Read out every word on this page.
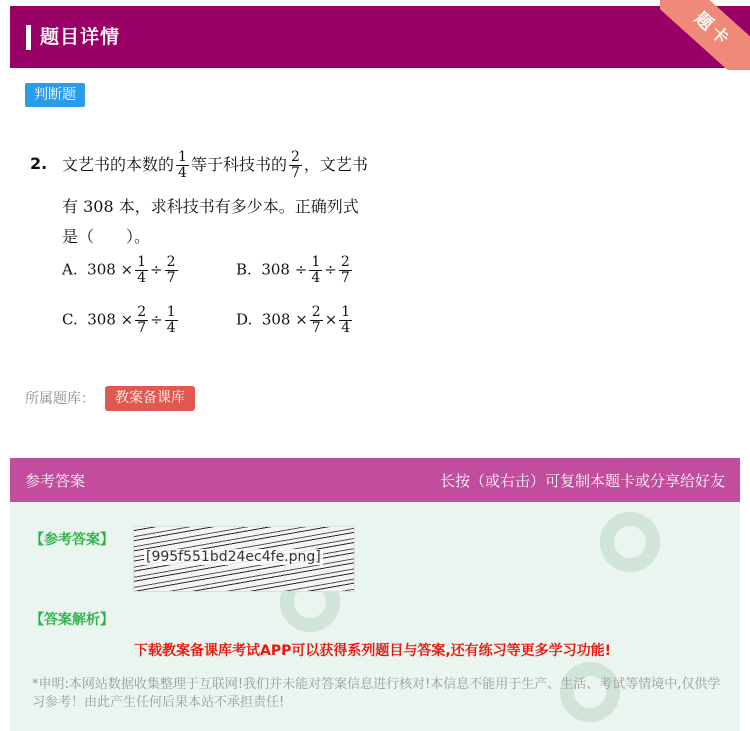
题目详情	题卡
判断题
2. 文艺书的本数的 $\frac{1}{4}$ 等于科技书的 $\frac{2}{7}$ ，文艺书
有 308 本，求科技书有多少本。正确列式
是（　　）。
A. $308 \times \frac{1}{4} \div \frac{2}{7}$	B. $308 \div \frac{1}{4} \div \frac{2}{7}$
C. $308 \times \frac{2}{7} \div \frac{1}{4}$	D. $308 \times \frac{2}{7} \times \frac{1}{4}$
所属题库：	教案备课库
参考答案	长按（或右击）可复制本题卡或分享给好友
【参考答案】
[995f551bd24ec4fe.png]
【答案解析】
下载教案备课库考试APP可以获得系列题目与答案,还有练习等更多学习功能!
*申明:本网站数据收集整理于互联网!我们并未能对答案信息进行核对!本信息不能用于生产、生活、考试等情境中,仅供学习参考！由此产生任何后果本站不承担责任!
